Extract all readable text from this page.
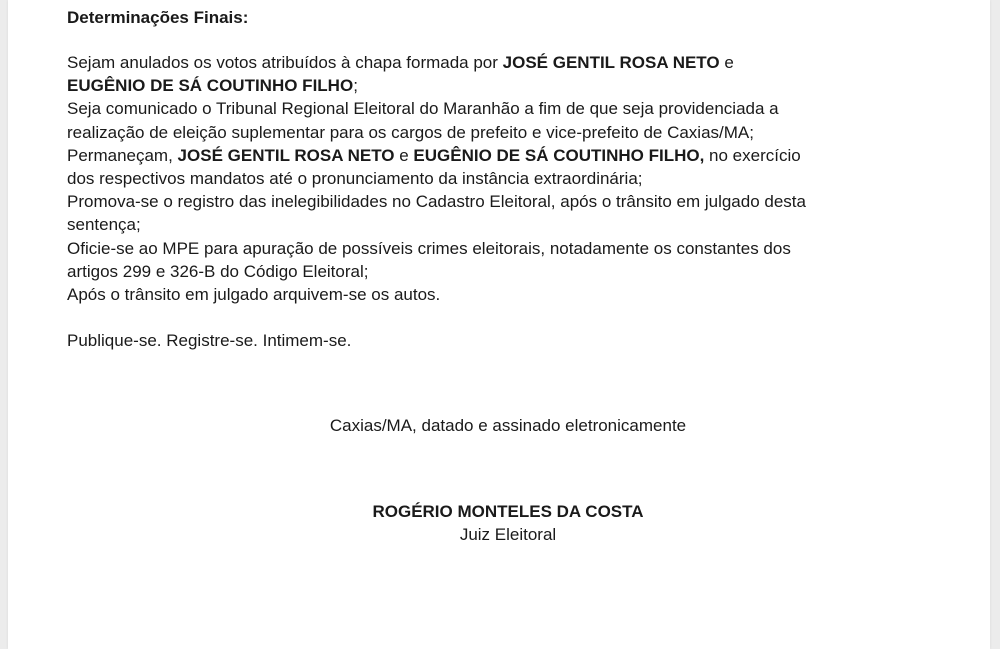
Determinações Finais:

Sejam anulados os votos atribuídos à chapa formada por JOSÉ GENTIL ROSA NETO e
EUGÊNIO DE SÁ COUTINHO FILHO;

Seja comunicado o Tribunal Regional Eleitoral do Maranhão a fim de que seja providenciada a
realização de eleição suplementar para os cargos de prefeito e vice-prefeito de Caxias/MA;

Permaneçam, JOSÉ GENTIL ROSA NETO e EUGÊNIO DE SÁ COUTINHO FILHO, no exercício
dos respectivos mandatos até o pronunciamento da instância extraordinária;

Promova-se o registro das inelegibilidades no Cadastro Eleitoral, após o trânsito em julgado desta
sentença;

Oficie-se ao MPE para apuração de possíveis crimes eleitorais, notadamente os constantes dos
artigos 299 e 326-B do Código Eleitoral;

Após o trânsito em julgado arquivem-se os autos.

Publique-se. Registre-se. Intimem-se.
Caxias/MA, datado e assinado eletronicamente
ROGÉRIO MONTELES DA COSTA
Juiz Eleitoral
